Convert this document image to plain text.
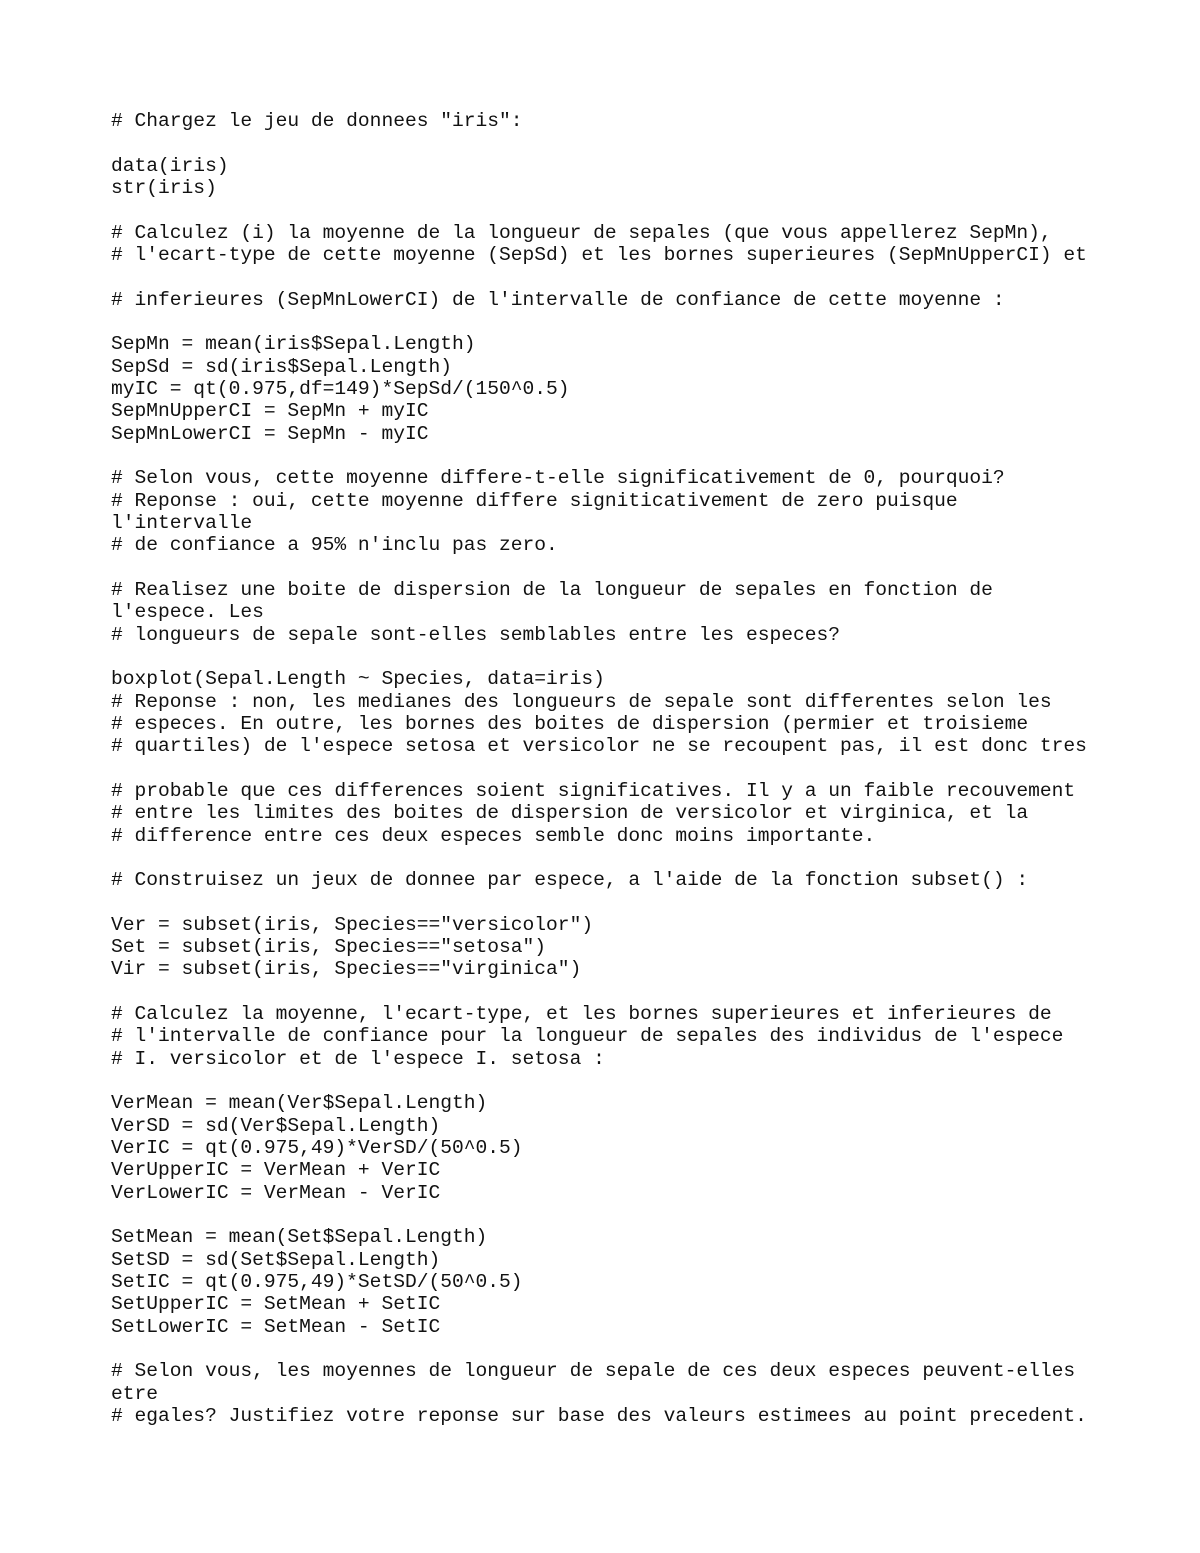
# Chargez le jeu de donnees "iris":
data(iris)
str(iris)
# Calculez (i) la moyenne de la longueur de sepales (que vous appellerez SepMn),
# l'ecart-type de cette moyenne (SepSd) et les bornes superieures (SepMnUpperCI) et
# inferieures (SepMnLowerCI) de l'intervalle de confiance de cette moyenne :
SepMn = mean(iris$Sepal.Length)
SepSd = sd(iris$Sepal.Length)
myIC = qt(0.975,df=149)*SepSd/(150^0.5)
SepMnUpperCI = SepMn + myIC
SepMnLowerCI = SepMn - myIC
# Selon vous, cette moyenne differe-t-elle significativement de 0, pourquoi?
# Reponse : oui, cette moyenne differe signiticativement de zero puisque
l'intervalle
# de confiance a 95% n'inclu pas zero.
# Realisez une boite de dispersion de la longueur de sepales en fonction de
l'espece. Les
# longueurs de sepale sont-elles semblables entre les especes?
boxplot(Sepal.Length ~ Species, data=iris)
# Reponse : non, les medianes des longueurs de sepale sont differentes selon les
# especes. En outre, les bornes des boites de dispersion (permier et troisieme
# quartiles) de l'espece setosa et versicolor ne se recoupent pas, il est donc tres
# probable que ces differences soient significatives. Il y a un faible recouvement
# entre les limites des boites de dispersion de versicolor et virginica, et la
# difference entre ces deux especes semble donc moins importante.
# Construisez un jeux de donnee par espece, a l'aide de la fonction subset() :
Ver = subset(iris, Species=="versicolor")
Set = subset(iris, Species=="setosa")
Vir = subset(iris, Species=="virginica")
# Calculez la moyenne, l'ecart-type, et les bornes superieures et inferieures de
# l'intervalle de confiance pour la longueur de sepales des individus de l'espece
# I. versicolor et de l'espece I. setosa :
VerMean = mean(Ver$Sepal.Length)
VerSD = sd(Ver$Sepal.Length)
VerIC = qt(0.975,49)*VerSD/(50^0.5)
VerUpperIC = VerMean + VerIC
VerLowerIC = VerMean - VerIC
SetMean = mean(Set$Sepal.Length)
SetSD = sd(Set$Sepal.Length)
SetIC = qt(0.975,49)*SetSD/(50^0.5)
SetUpperIC = SetMean + SetIC
SetLowerIC = SetMean - SetIC
# Selon vous, les moyennes de longueur de sepale de ces deux especes peuvent-elles
etre
# egales? Justifiez votre reponse sur base des valeurs estimees au point precedent.
